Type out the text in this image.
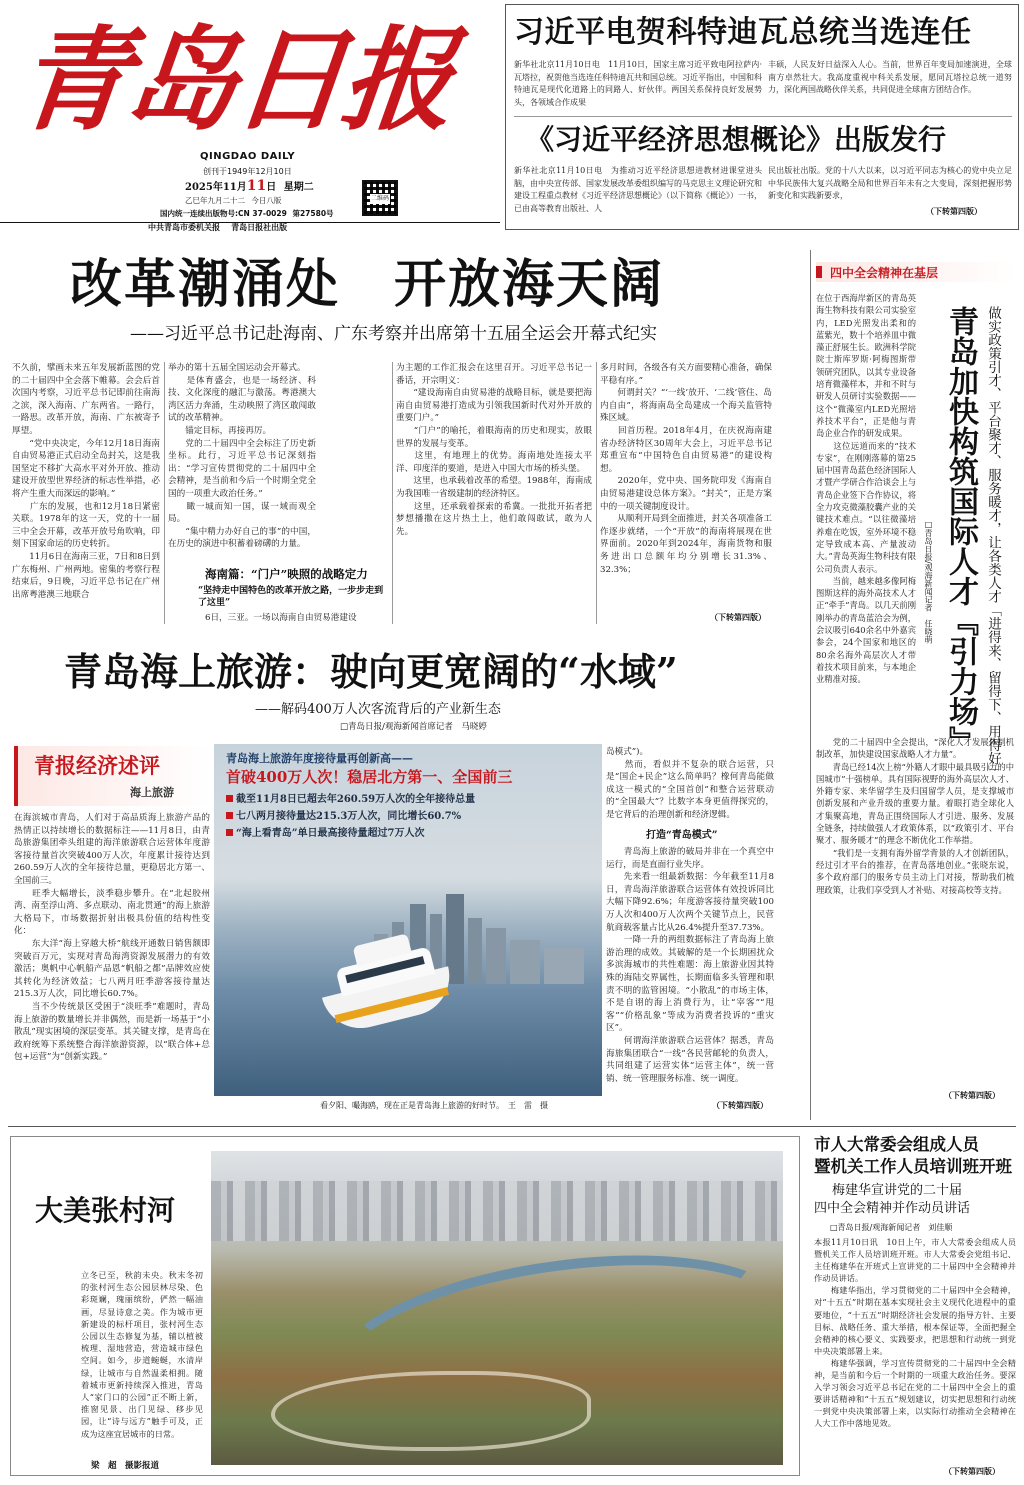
青岛日报
QINGDAO DAILY
创刊于1949年12月10日
2025年11月11日 星期二
乙巳年九月二十二 今日八版
国内统一连续出版物号:CN 37-0029 第27580号
二维码
中共青岛市委机关报    青岛日报社出版
习近平电贺科特迪瓦总统当选连任
新华社北京11月10日电　11月10日，国家主席习近平致电阿拉萨内·瓦塔拉，祝贺他当选连任科特迪瓦共和国总统。习近平指出，中国和科特迪瓦是现代化道路上的同路人、好伙伴。两国关系保持良好发展势头，各领域合作成果
丰硕，人民友好日益深入人心。当前，世界百年变局加速演进，全球南方卓然壮大。我高度重视中科关系发展，愿同瓦塔拉总统一道努力，深化两国战略伙伴关系，共同促进全球南方团结合作。
《习近平经济思想概论》出版发行
新华社北京11月10日电　为推动习近平经济思想进教材进课堂进头脑，由中央宣传部、国家发展改革委组织编写的马克思主义理论研究和建设工程重点教材《习近平经济思想概论》（以下简称《概论》）一书，已由高等教育出版社、人
民出版社出版。党的十八大以来，以习近平同志为核心的党中央立足中华民族伟大复兴战略全局和世界百年未有之大变局，深刻把握形势新变化和实践新要求，
（下转第四版）
改革潮涌处　开放海天阔
——习近平总书记赴海南、广东考察并出席第十五届全运会开幕式纪实
不久前，擘画未来五年发展新蓝图的党的二十届四中全会落下帷幕。会会后首次国内考察，习近平总书记即前往南海之滨，深入海南、广东两省。一路行，一路思。改革开放，海南、广东被寄予厚望。
　　“党中央决定，今年12月18日海南自由贸易港正式启动全岛封关，这是我国坚定不移扩大高水平对外开放、推动建设开放型世界经济的标志性举措，必将产生重大而深远的影响。”
　　广东的发展，也和12月18日紧密关联。1978年的这一天，党的十一届三中全会开幕，改革开放号角吹响，印刻下国家命运的历史转折。
　　11月6日在海南三亚，7日和8日到广东梅州、广州两地。密集的考察行程结束后，9日晚，习近平总书记在广州出席粤港澳三地联合
举办的第十五届全国运动会开幕式。
　　是体育盛会，也是一场经济、科技、文化深度的融汇与激荡。粤港澳大湾区活力奔涌，生动映照了湾区敢闯敢试的改革精神。
　　锚定目标，再接再厉。
　　党的二十届四中全会标注了历史新坐标。此行，习近平总书记深刻指出：“学习宣传贯彻党的二十届四中全会精神，是当前和今后一个时期全党全国的一项重大政治任务。”
　　瞰一城而知一国，谋一域而观全局。
　　“集中精力办好自己的事”的中国，在历史的演进中积蓄着磅礴的力量。
海南篇：“门户”映照的战略定力
“坚持走中国特色的改革开放之路，一步步走到了这里”
6日，三亚。一场以海南自由贸易港建设
为主题的工作汇报会在这里召开。习近平总书记一番话，开宗明义：
　　“建设海南自由贸易港的战略目标，就是要把海南自由贸易港打造成为引领我国新时代对外开放的重要门户。”
　　“门户”的喻托，着眼海南的历史和现实，放眼世界的发展与变革。
　　这里，有地理上的优势。海南地处连接太平洋、印度洋的要道，是进入中国大市场的桥头堡。
　　这里，也承载着改革的希望。1988年，海南成为我国唯一省级建制的经济特区。
　　这里，还承载着探索的希冀。一批批开拓者把梦想播撒在这片热土上，他们敢闯敢试，敢为人先。
多月时间，各级各有关方面要精心准备，确保平稳有序。”
　　何谓封关？“‘一线’放开、‘二线’管住、岛内自由”，将海南岛全岛建成一个海关监管特殊区域。
　　回首历程。2018年4月，在庆祝海南建省办经济特区30周年大会上，习近平总书记郑重宣布“中国特色自由贸易港”的建设构想。
　　2020年，党中央、国务院印发《海南自由贸易港建设总体方案》。“封关”，正是方案中的一项关键制度设计。
　　从顺利开局到全面推进，封关各项准备工作逐步就绪，一个“开放”的海南将展现在世界面前。2020年到2024年，海南货物和服务进出口总额年均分别增长31.3%、32.3%；
（下转第四版）
青岛海上旅游：驶向更宽阔的“水域”
——解码400万人次客流背后的产业新生态
□青岛日报/观海新闻首席记者　马晓婷
青报经济述评
海上旅游
在海滨城市青岛，人们对于高品质海上旅游产品的热情正以持续增长的数据标注——11月8日，由青岛旅游集团牵头组建的海洋旅游联合运营体年度游客接待量首次突破400万人次，年度累计接待达到260.59万人次的全年接待总量，更稳居北方第一、全国前三。
　　旺季大幅增长，淡季稳步攀升。在“北起胶州湾、南至浮山湾、多点联动、南北贯通”的海上旅游大格局下，市场数据折射出极具份值的结构性变化：
　　东大洋“海上穿越大桥”航线开通数日销售额即突破百万元，实现对青岛海湾资源发展潜力的有效激活；奥帆中心帆船产品恩“帆船之都”品牌效应使其转化为经济效益；七八两月旺季游客接待量达215.3万人次，同比增长60.7%。
　　当不少传统景区受困于“淡旺季”难题时，青岛海上旅游的数量增长并非偶然，而是新一场基于“小散乱”现实困境的深层变革。其关键支撑，是青岛在政府统筹下系统整合海洋旅游资源，以“联合体+总包+运营”为“创新实践。”
青岛海上旅游年度接待量再创新高——
首破400万人次！稳居北方第一、全国前三
截至11月8日已超去年260.59万人次的全年接待总量
七八两月接待量达215.3万人次，同比增长60.7%
“海上看青岛”单日最高接待量超过7万人次
看夕阳、嘬海鸥，现在正是青岛海上旅游的好时节。　王　雷　摄
岛模式”)。
　　然而，看似并不复杂的联合运营，只是“国企+民企”这么简单吗？橡何青岛能做成这一模式的“全国首创”和整合运营联动的“全国最大”？比数字本身更值得探究的，是它背后的治理创新和经济逻辑。
打造“青岛模式”
　　青岛海上旅游的破局并非在一个真空中运行，而是直面行业失序。
　　先来看一组最新数据：今年截至11月8日，青岛海洋旅游联合运营体有效投诉同比大幅下降92.6%；年度游客接待量突破100万人次和400万人次两个关键节点上，民营航商载客量占比从26.4%提升至37.73%。
　　一降一升的两组数据标注了青岛海上旅游治理的成效。其破解的是一个长期困扰众多滨海城市的共性难题：海上旅游业因其特殊的海陆交界属性，长期面临多头管理和职责不明的监管困境。“小散乱”的市场主体，不是自诩的海上消费行为，让“宰客”“甩客”“价格乱象”等成为消费者投诉的“重灾区”。
　　何谓海洋旅游联合运营体？据悉，青岛海旅集团联合“一线”各民营邮轮的负责人，共同组建了运营实体“运营主体”，统一营销、统一管理服务标准、统一调度。
（下转第四版）
四中全会精神在基层
在位于西海岸新区的青岛英海生物科技有限公司实验室内，LED光照发出柔和的蓝紫光，数十个培养皿中微藻正舒展生长。欧洲科学院院士斯库罗斯·阿梅图斯带领研究团队，以其专业设备培育微藻样本，并和不时与研发人员研讨实验数据——这个“微藻室内LED光照培养技术平台”，正是他与青岛企业合作的研发成果。
　　这位远道而来的“技术专家”，在刚刚落幕的第25届中国青岛蓝色经济国际人才暨产学研合作洽谈会上与青岛企业签下合作协议，将全力攻克微藻胶囊产业的关键技术难点。“以往微藻培养难在吃饭，室外环境不稳定导致成本高、产量波动大。”青岛英海生物科技有限公司负责人表示。
　　当前，越来越多像阿梅图斯这样的海外高技术人才正“牵手”青岛。以几天前刚刚举办的青岛蓝洽会为例，会议吸引640余名中外嘉宾参会，24个国家和地区的80余名海外高层次人才带着技术项目前来，与本地企业精准对接。	青岛加快构筑国际人才『引力场』 做实政策引才、平台聚才、服务暖才，让各类人才「进得来、留得下、用得好」
□青岛日报/观海新闻记者　任晓萌
　　党的二十届四中全会提出，“深化人才发展体制机制改革，加快建设国家战略人才力量”。
　　青岛已经14次上榜“外籍人才眼中最具吸引力的中国城市”十强榜单。具有国际视野的海外高层次人才、外籍专家、来华留学生及归国留学人员，是支撑城市创新发展和产业升级的重要力量。着眼打造全球化人才集聚高地，青岛正围绕国际人才引进、服务、发展全链条，持续做强人才政策体系，以“政策引才、平台聚才、服务暖才”的理念不断优化工作举措。
　　“我们是一支拥有海外留学背景的人才创新团队，经过引才平台的推荐，在青岛落地创业。”张晓东说，多个政府部门的服务专员主动上门对接，帮助我们梳理政策，让我们享受到人才补贴、对接高校等支持。
（下转第四版）
大美张村河
立冬已至，秋韵未央。秋末冬初的张村河生态公园层林尽染、色彩斑斓，瑰丽缤纷，俨然一幅油画，尽显诗意之美。作为城市更新建设的标杆项目，张村河生态公园以生态修复为基，辅以植被梳理、湿地营造，营造城市绿色空间。如今，步道蜿蜒，水清岸绿，让城市与自然温柔相拥。随着城市更新持续深入推进，青岛人“家门口的公园”正不断上新，推窗见景、出门见绿、移步见园，让“诗与远方”触手可及，正成为这座宜居城市的日常。
梁　超　摄影报道
市人大常委会组成人员
暨机关工作人员培训班开班
梅建华宣讲党的二十届
四中全会精神并作动员讲话
□青岛日报/观海新闻记者　刘佳顺
本报11月10日讯　10日上午，市人大常委会组成人员暨机关工作人员培训班开班。市人大常委会党组书记、主任梅建华在开班式上宣讲党的二十届四中全会精神并作动员讲话。
　　梅建华指出，学习贯彻党的二十届四中全会精神，对“十五五”时期在基本实现社会主义现代化进程中的重要地位，“十五五”时期经济社会发展的指导方针、主要目标、战略任务、重大举措，根本保证等，全面把握全会精神的核心要义、实践要求，把思想和行动统一到党中央决策部署上来。
　　梅建华强调，学习宣传贯彻党的二十届四中全会精神，是当前和今后一个时期的一项重大政治任务。要深入学习领会习近平总书记在党的二十届四中全会上的重要讲话精神和“十五五”规划建议，切实把思想和行动统一到党中央决策部署上来，以实际行动推动全会精神在人大工作中落地见效。
（下转第四版）
